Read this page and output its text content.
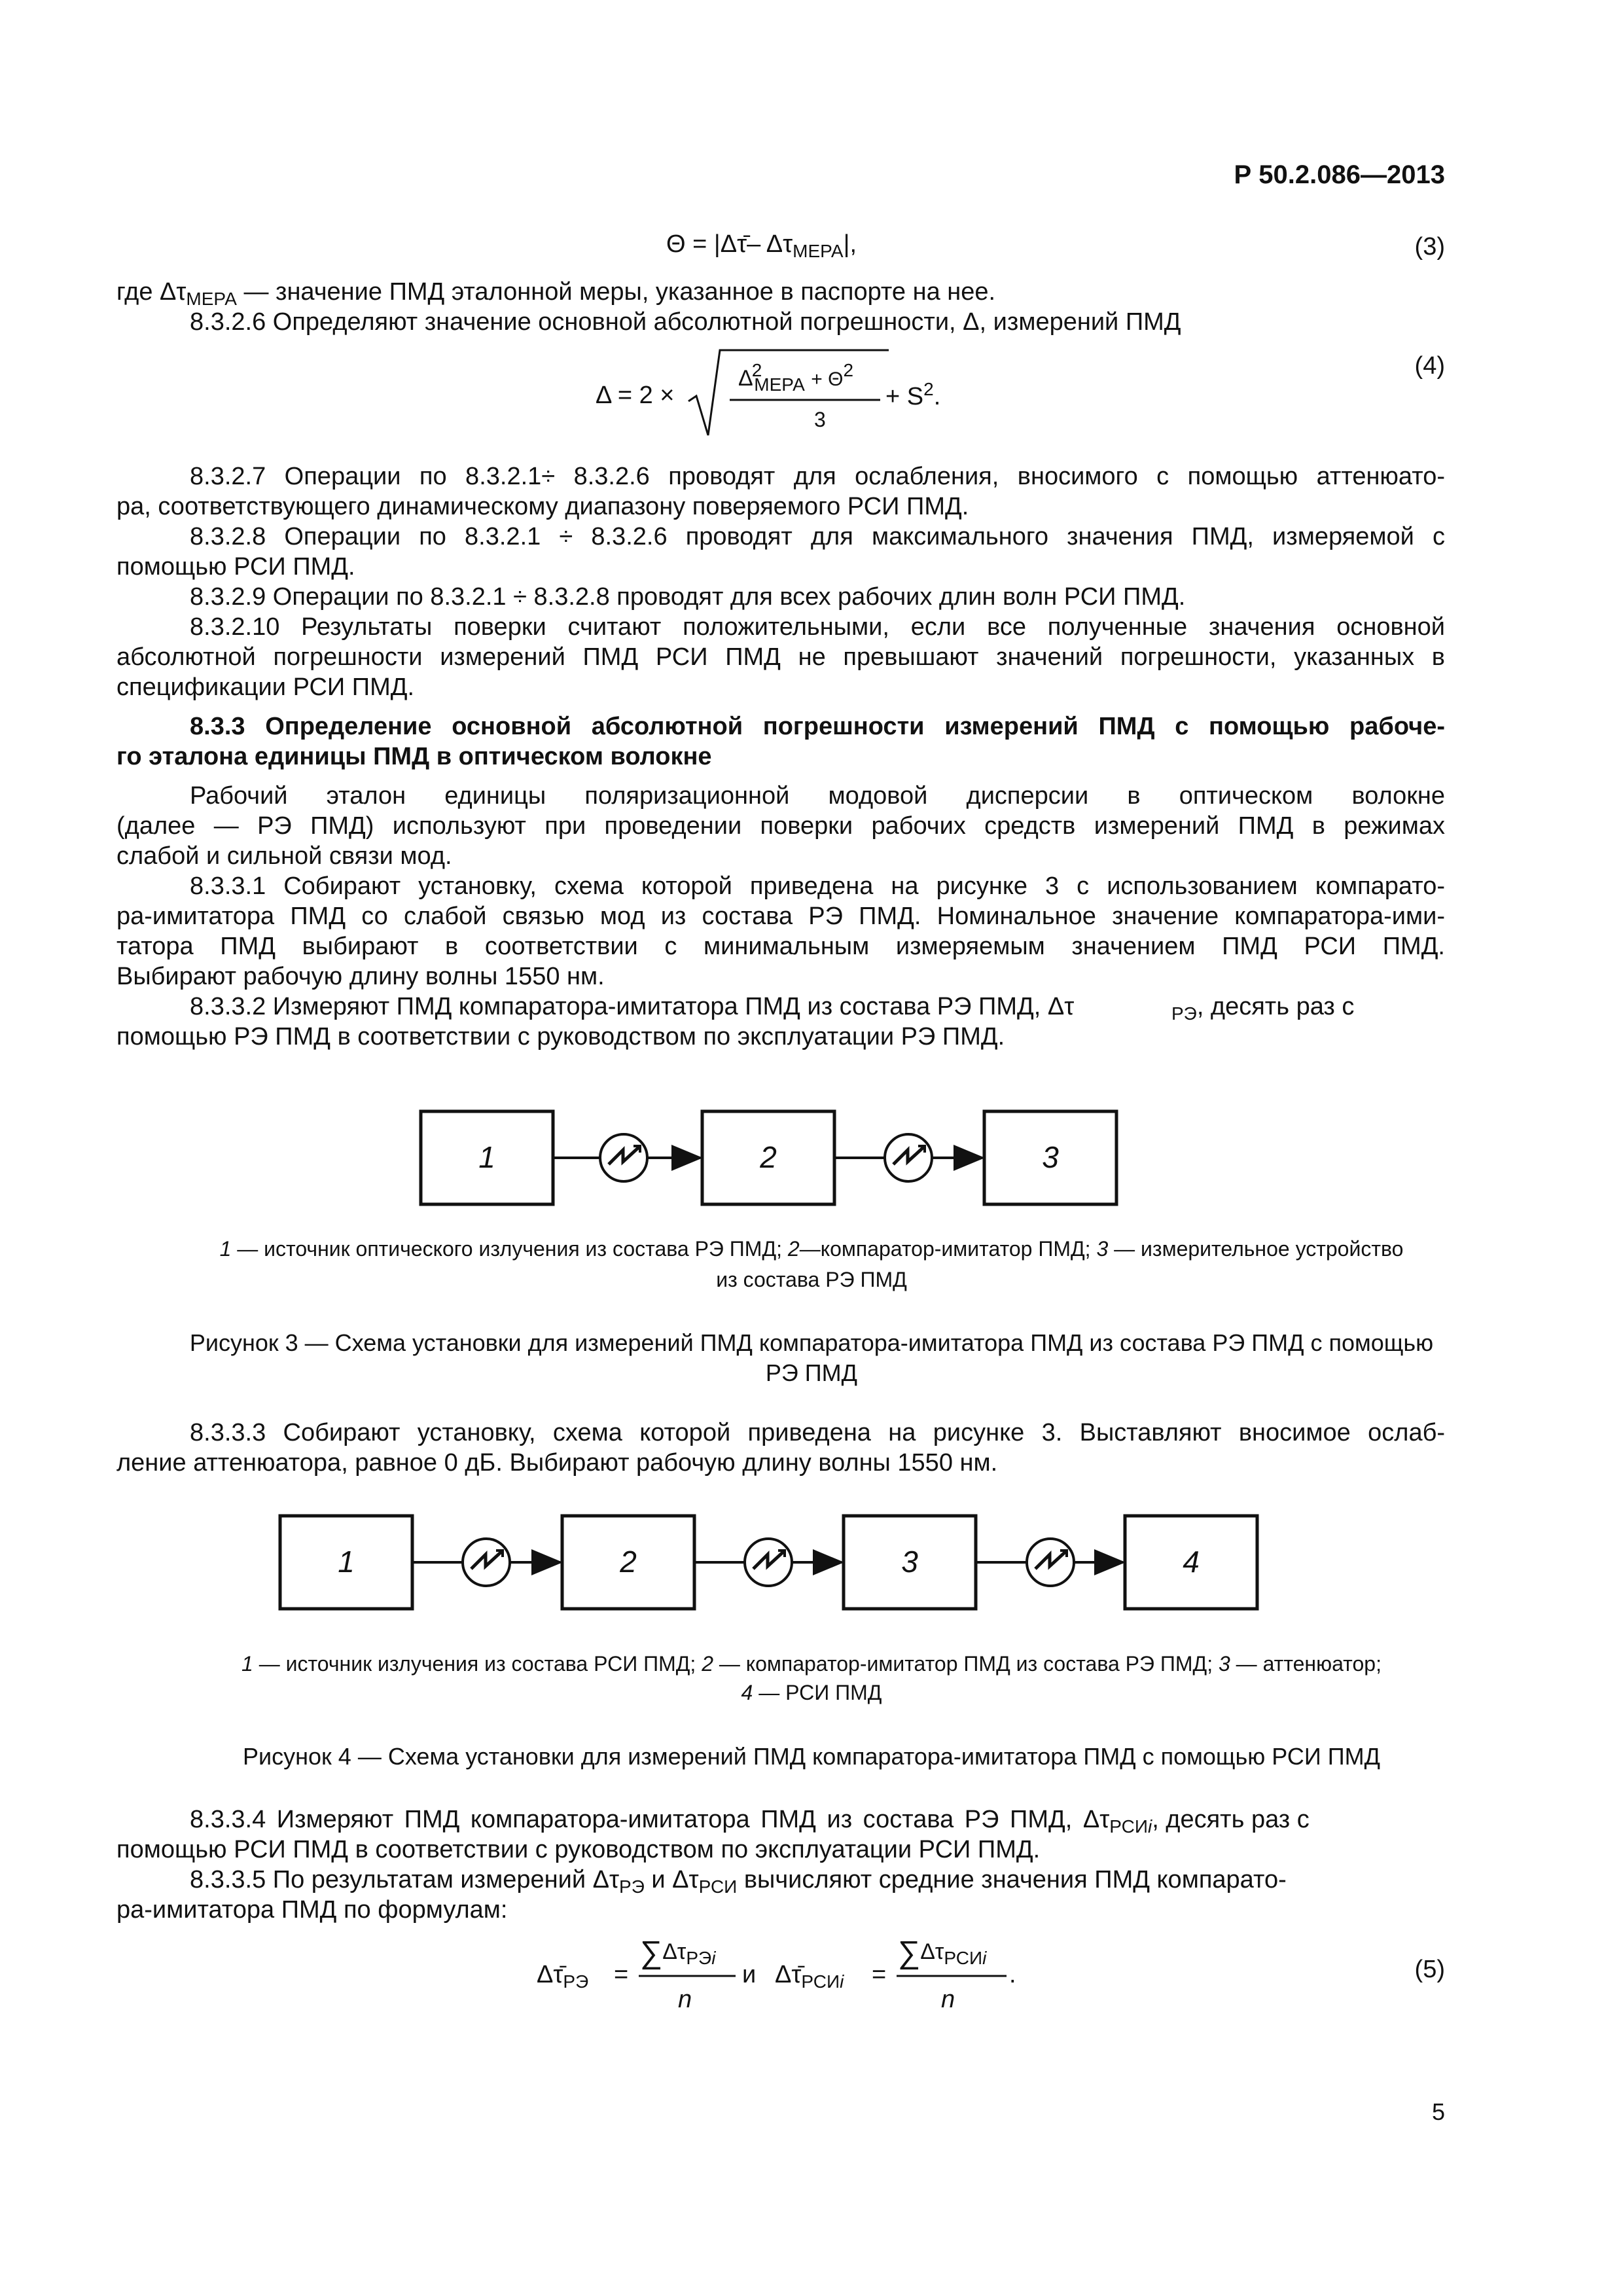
Р 50.2.086—2013
Θ = |Δτ̄– $\Delta\tau_{МЕРА}|$,	(3)
где $\Delta\tau_{МЕРА}$ — значение ПМД эталонной меры, указанное в паспорте на нее.
8.3.2.6 Определяют значение основной абсолютной погрешности, Δ, измерений ПМД
Δ = 2 ×
$\Delta^2_{МЕРА} + \Theta^2$
3
+ $S^2$.
(4)
8.3.2.7 Операции по 8.3.2.1÷ 8.3.2.6 проводят для ослабления, вносимого с помощью аттенюато-
ра, соответствующего динамическому диапазону поверяемого РСИ ПМД.
8.3.2.8 Операции по 8.3.2.1 ÷ 8.3.2.6 проводят для максимального значения ПМД, измеряемой с
помощью РСИ ПМД.
8.3.2.9 Операции по 8.3.2.1 ÷ 8.3.2.8 проводят для всех рабочих длин волн РСИ ПМД.
8.3.2.10 Результаты поверки считают положительными, если все полученные значения основной
абсолютной погрешности измерений ПМД РСИ ПМД не превышают значений погрешности, указанных в
спецификации РСИ ПМД.
8.3.3 Определение основной абсолютной погрешности измерений ПМД с помощью рабоче-
го эталона единицы ПМД в оптическом волокне
Рабочий эталон единицы поляризационной модовой дисперсии в оптическом волокне
(далее — РЭ ПМД) используют при проведении поверки рабочих средств измерений ПМД в режимах
слабой и сильной связи мод.
8.3.3.1 Собирают установку, схема которой приведена на рисунке 3 с использованием компарато-
ра-имитатора ПМД со слабой связью мод из состава РЭ ПМД. Номинальное значение компаратора-ими-
татора ПМД выбирают в соответствии с минимальным измеряемым значением ПМД РСИ ПМД.
Выбирают рабочую длину волны 1550 нм.
8.3.3.2 Измеряют ПМД компаратора-имитатора ПМД из состава РЭ ПМД, Δτ	$_{РЭ}$, десять раз с
помощью РЭ ПМД в соответствии с руководством по эксплуатации РЭ ПМД.
1 — источник оптического излучения из состава РЭ ПМД; 2—компаратор-имитатор ПМД; 3 — измерительное устройство
из состава РЭ ПМД
Рисунок 3 — Схема установки для измерений ПМД компаратора-имитатора ПМД из состава РЭ ПМД с помощью
РЭ ПМД
8.3.3.3 Собирают установку, схема которой приведена на рисунке 3. Выставляют вносимое ослаб-
ление аттенюатора, равное 0 дБ. Выбирают рабочую длину волны 1550 нм.
1 — источник излучения из состава РСИ ПМД; 2 — компаратор-имитатор ПМД из состава РЭ ПМД; 3 — аттенюатор;
4 — РСИ ПМД
Рисунок 4 — Схема установки для измерений ПМД компаратора-имитатора ПМД с помощью РСИ ПМД
8.3.3.4 Измеряют ПМД компаратора-имитатора ПМД из состава РЭ ПМД, $\Delta\tau_{РСИi}$, десять раз с
помощью РСИ ПМД в соответствии с руководством по эксплуатации РСИ ПМД.
8.3.3.5 По результатам измерений $\Delta\tau_{РЭ}$ и $\Delta\tau_{РСИ}$ вычисляют средние значения ПМД компарато-
ра-имитатора ПМД по формулам:
$\Delta\taū_{РЭ}$ =
$\sum\Delta\tau_{РЭi}$
n
и $\Delta\taū_{РСИi}$ =
$\sum\Delta\tau_{РСИi}$
n
.	(5)
5
